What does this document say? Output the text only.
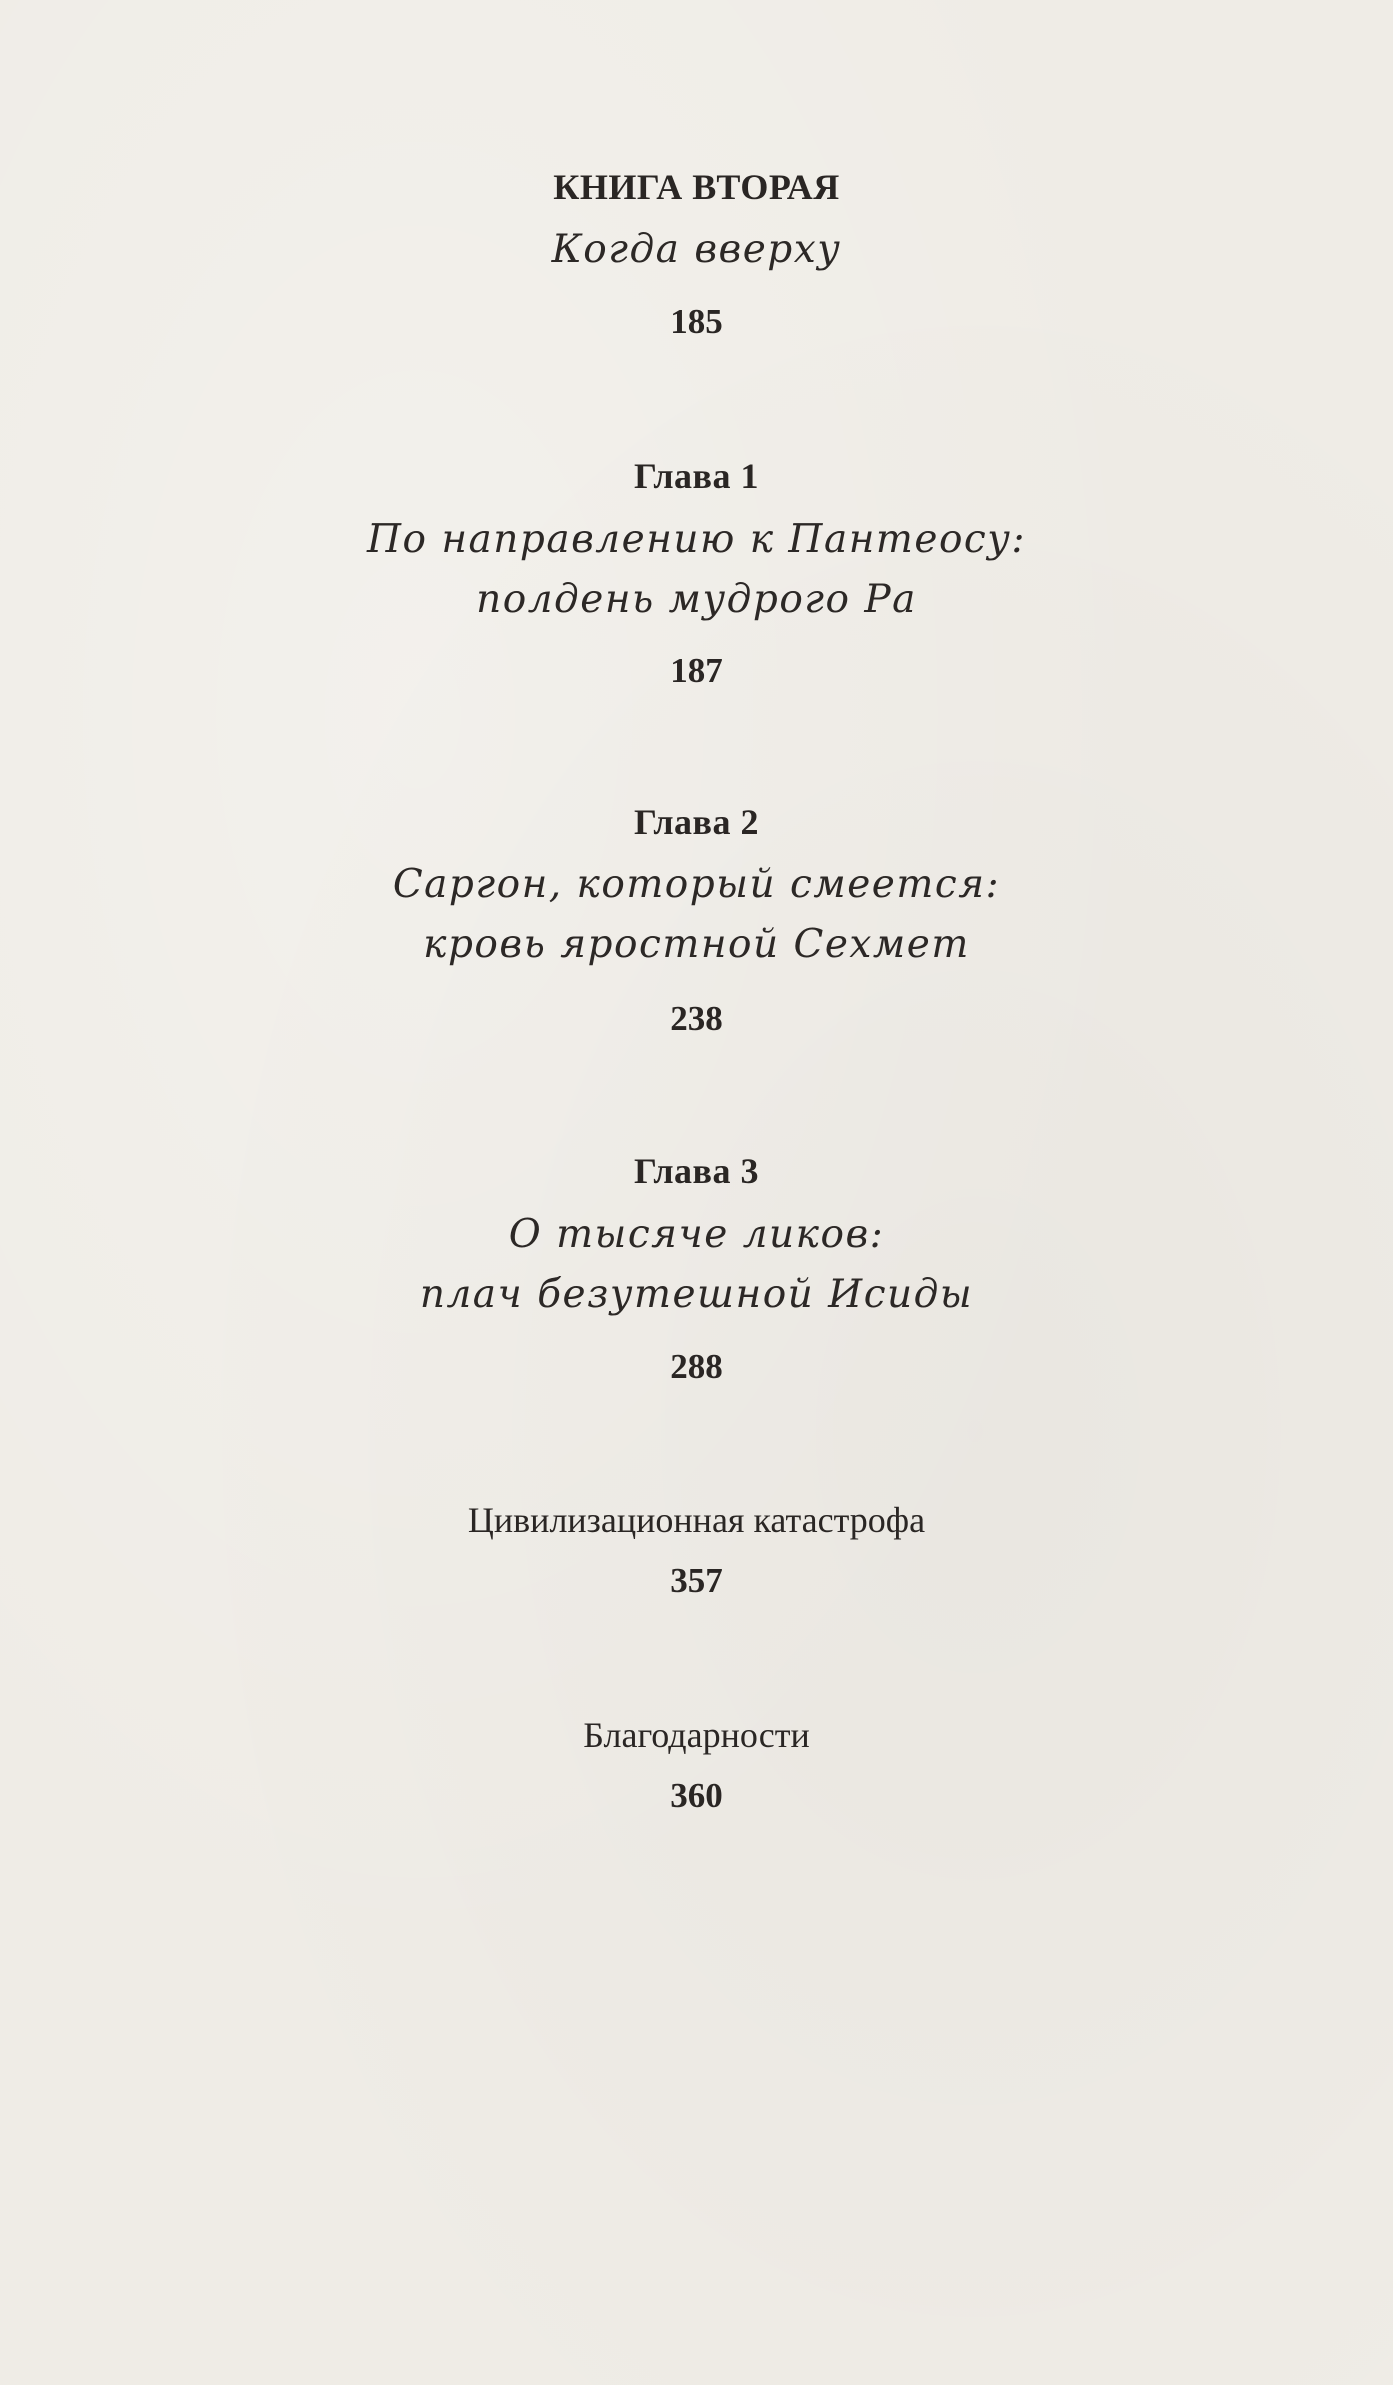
КНИГА ВТОРАЯ
Когда вверху
185
Глава 1
По направлению к Пантеосу:
полдень мудрого Ра
187
Глава 2
Саргон, который смеется:
кровь яростной Сехмет
238
Глава 3
О тысяче ликов:
плач безутешной Исиды
288
Цивилизационная катастрофа
357
Благодарности
360
